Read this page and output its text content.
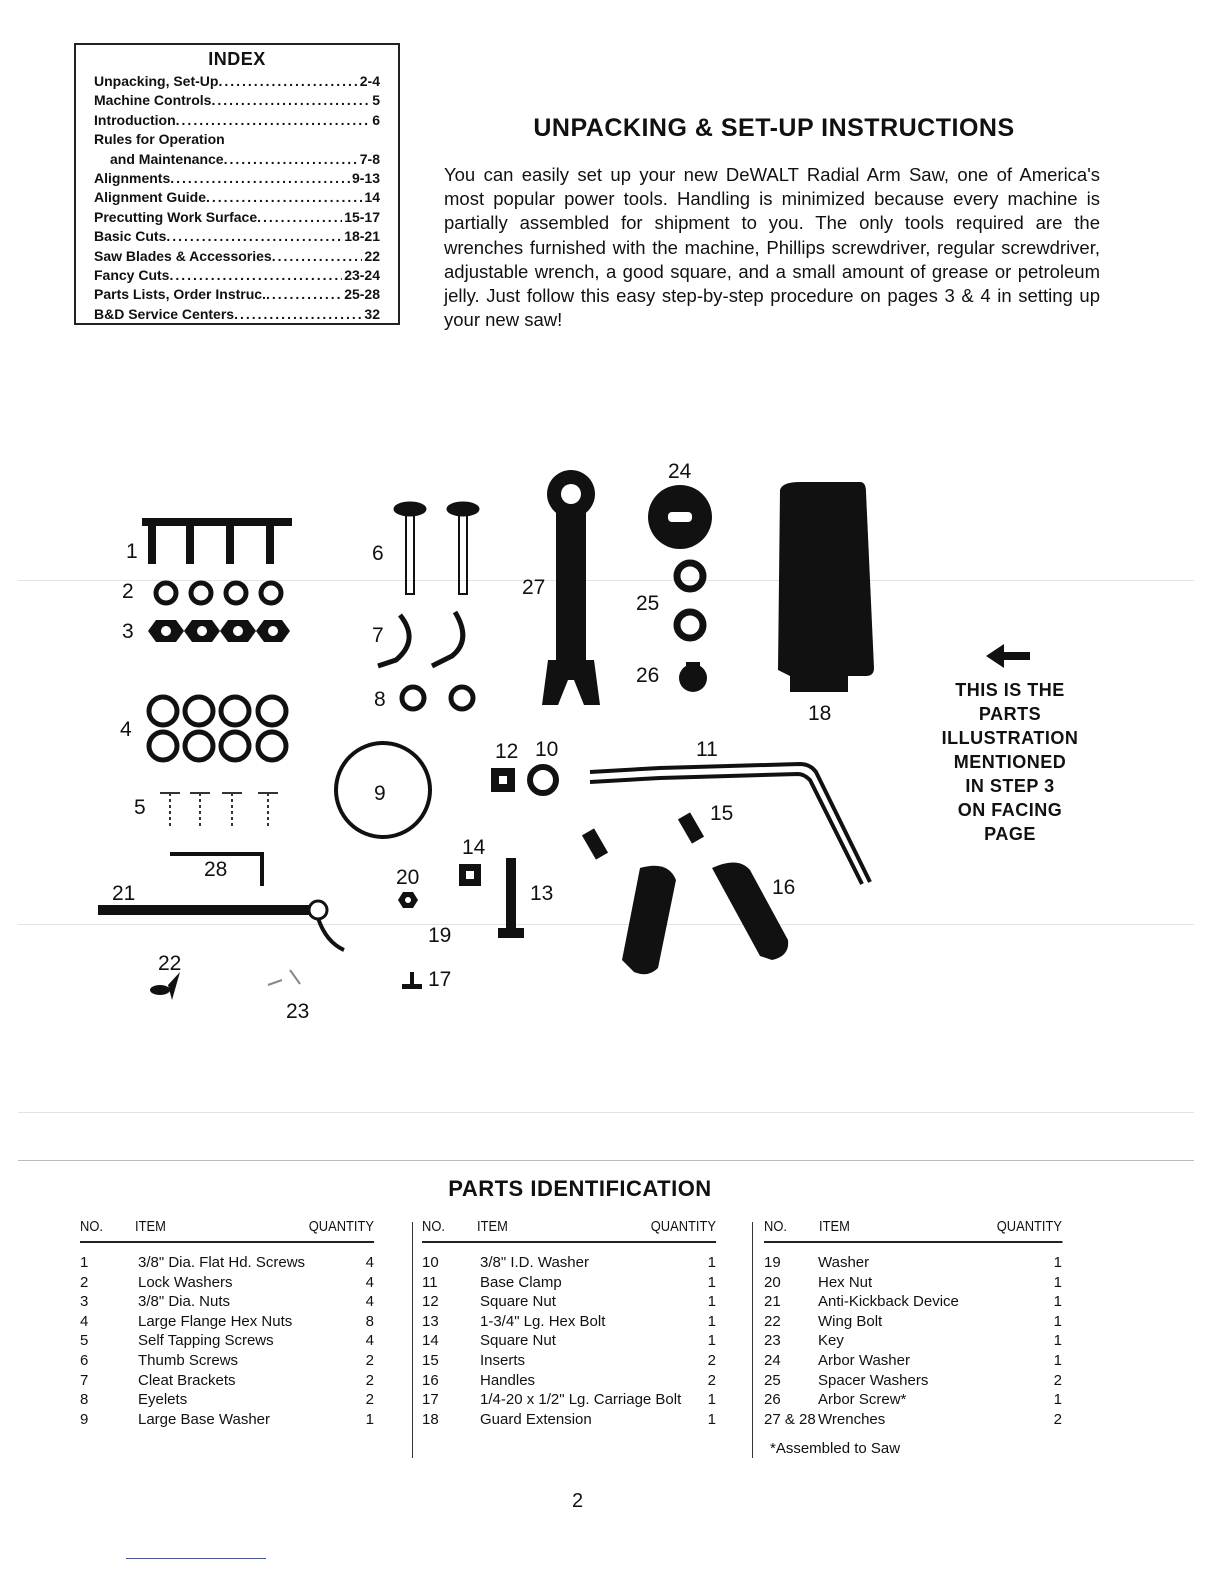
INDEX
Unpacking, Set-Up .....	2-4
Machine Controls .....	5
Introduction .....	6
Rules for Operation
and Maintenance .....	7-8
Alignments .....	9-13
Alignment Guide .....	14
Precutting Work Surface .....	15-17
Basic Cuts .....	18-21
Saw Blades & Accessories .....	22
Fancy Cuts .....	23-24
Parts Lists, Order Instruc. .....	25-28
B&D Service Centers .....	32
UNPACKING & SET-UP INSTRUCTIONS

You can easily set up your new DeWALT Radial Arm Saw, one of America's most popular power tools. Handling is minimized because every machine is partially assembled for shipment to you. The only tools required are the wrenches furnished with the machine, Phillips screwdriver, regular screwdriver, adjustable wrench, a good square, and a small amount of grease or petroleum jelly. Just follow this easy step-by-step procedure on pages 3 & 4 in setting up your new saw!

1
2
3
4
5
6
7
8
9
10	11
12
13
14
15
16
17
18
19
20
21
22
23
24
25
26
27
28
THIS IS THE
PARTS
ILLUSTRATION
MENTIONED
IN STEP 3
ON FACING
PAGE
PARTS IDENTIFICATION
NO.	ITEM	QUANTITY
1	3/8" Dia. Flat Hd. Screws	4
2	Lock Washers	4
3	3/8" Dia. Nuts	4
4	Large Flange Hex Nuts	8
5	Self Tapping Screws	4
6	Thumb Screws	2
7	Cleat Brackets	2
8	Eyelets	2
9	Large Base Washer	1
NO.	ITEM	QUANTITY
10	3/8" I.D. Washer	1
11	Base Clamp	1
12	Square Nut	1
13	1-3/4" Lg. Hex Bolt	1
14	Square Nut	1
15	Inserts	2
16	Handles	2
17	1/4-20 x 1/2" Lg. Carriage Bolt	1
18	Guard Extension	1
NO.	ITEM	QUANTITY
19	Washer	1
20	Hex Nut	1
21	Anti-Kickback Device	1
22	Wing Bolt	1
23	Key	1
24	Arbor Washer	1
25	Spacer Washers	2
26	Arbor Screw*	1
27 & 28 Wrenches	2
*Assembled to Saw
2
